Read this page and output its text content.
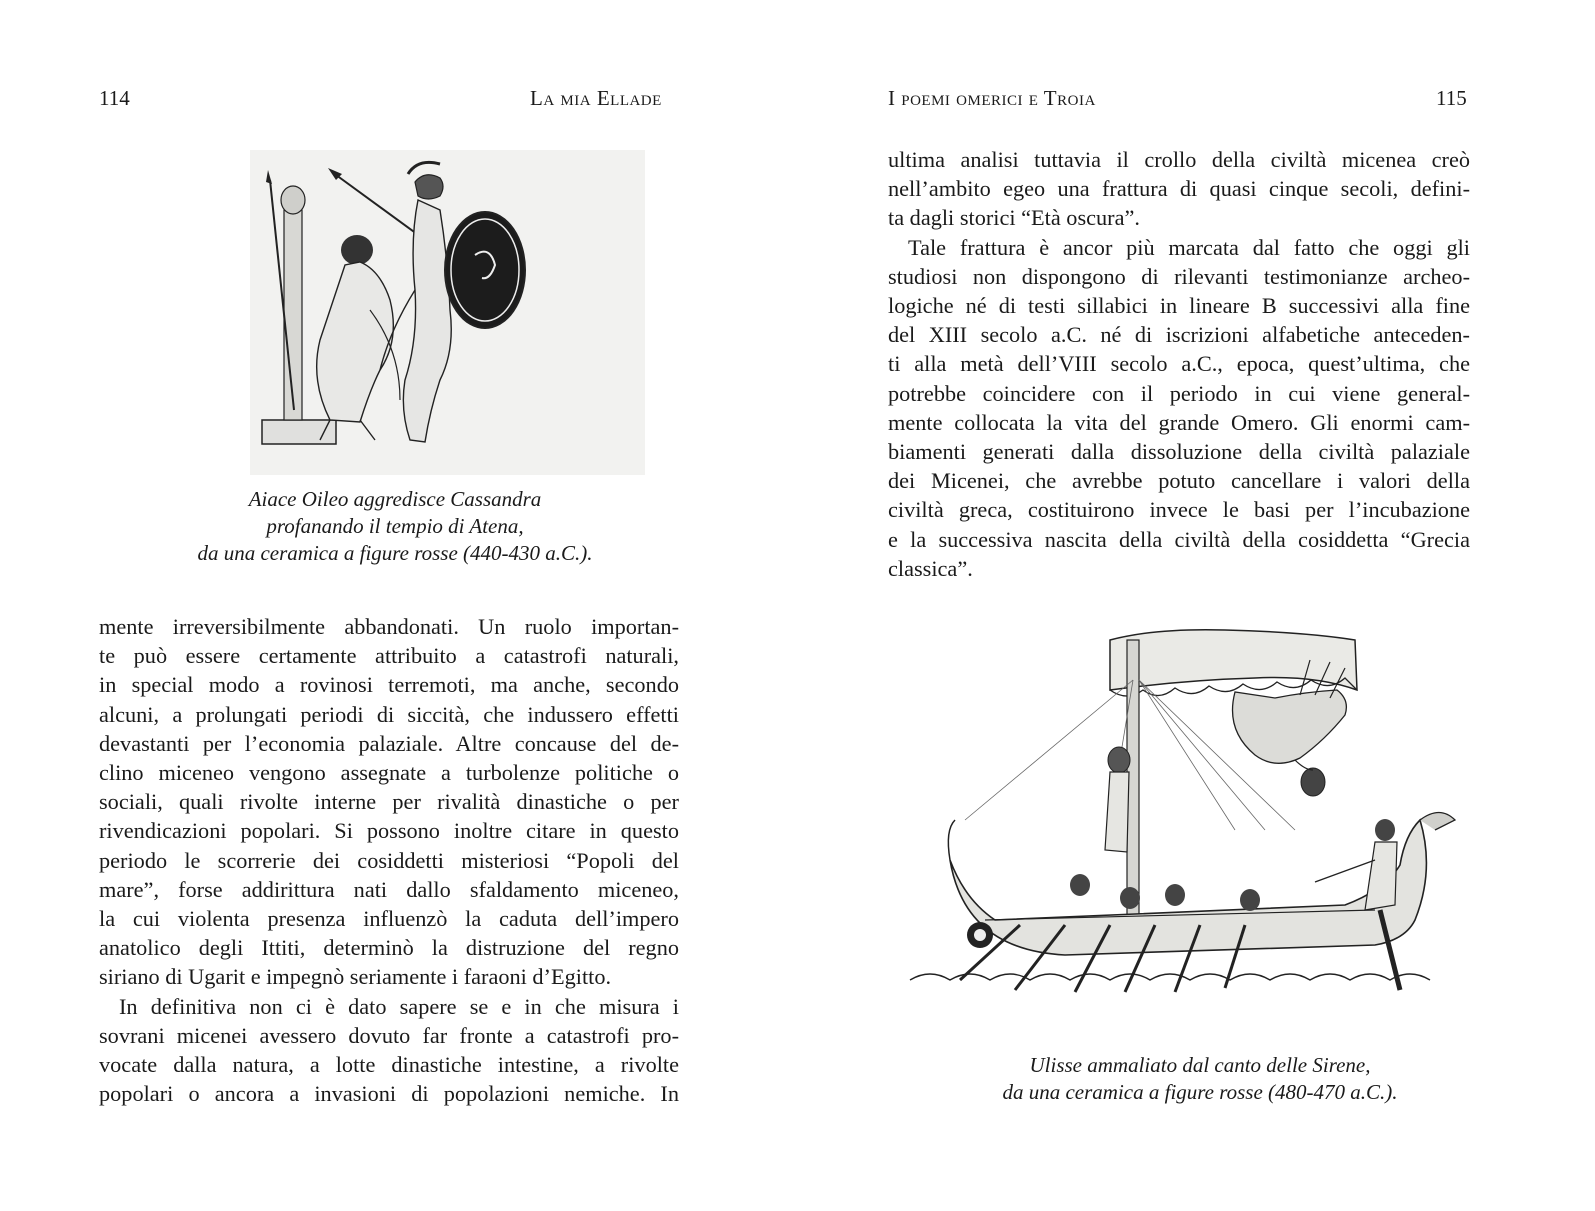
114	La mia Ellade
Aiace Oileo aggredisce Cassandra
profanando il tempio di Atena,
da una ceramica a figure rosse (440-430 a.C.).

mente irreversibilmente abbandonati. Un ruolo importan-
te può essere certamente attribuito a catastrofi naturali,
in special modo a rovinosi terremoti, ma anche, secondo
alcuni, a prolungati periodi di siccità, che indussero effetti
devastanti per l’economia palaziale. Altre concause del de-
clino miceneo vengono assegnate a turbolenze politiche o
sociali, quali rivolte interne per rivalità dinastiche o per
rivendicazioni popolari. Si possono inoltre citare in questo
periodo le scorrerie dei cosiddetti misteriosi “Popoli del
mare”, forse addirittura nati dallo sfaldamento miceneo,
la cui violenta presenza influenzò la caduta dell’impero
anatolico degli Ittiti, determinò la distruzione del regno
siriano di Ugarit e impegnò seriamente i faraoni d’Egitto.

In definitiva non ci è dato sapere se e in che misura i
sovrani micenei avessero dovuto far fronte a catastrofi pro-
vocate dalla natura, a lotte dinastiche intestine, a rivolte
popolari o ancora a invasioni di popolazioni nemiche. In

I poemi omerici e Troia	115

ultima analisi tuttavia il crollo della civiltà micenea creò
nell’ambito egeo una frattura di quasi cinque secoli, defini-
ta dagli storici “Età oscura”.

Tale frattura è ancor più marcata dal fatto che oggi gli
studiosi non dispongono di rilevanti testimonianze archeo-
logiche né di testi sillabici in lineare B successivi alla fine
del XIII secolo a.C. né di iscrizioni alfabetiche anteceden-
ti alla metà dell’VIII secolo a.C., epoca, quest’ultima, che
potrebbe coincidere con il periodo in cui viene general-
mente collocata la vita del grande Omero. Gli enormi cam-
biamenti generati dalla dissoluzione della civiltà palaziale
dei Micenei, che avrebbe potuto cancellare i valori della
civiltà greca, costituirono invece le basi per l’incubazione
e la successiva nascita della civiltà della cosiddetta “Grecia
classica”.

Ulisse ammaliato dal canto delle Sirene,
da una ceramica a figure rosse (480-470 a.C.).
